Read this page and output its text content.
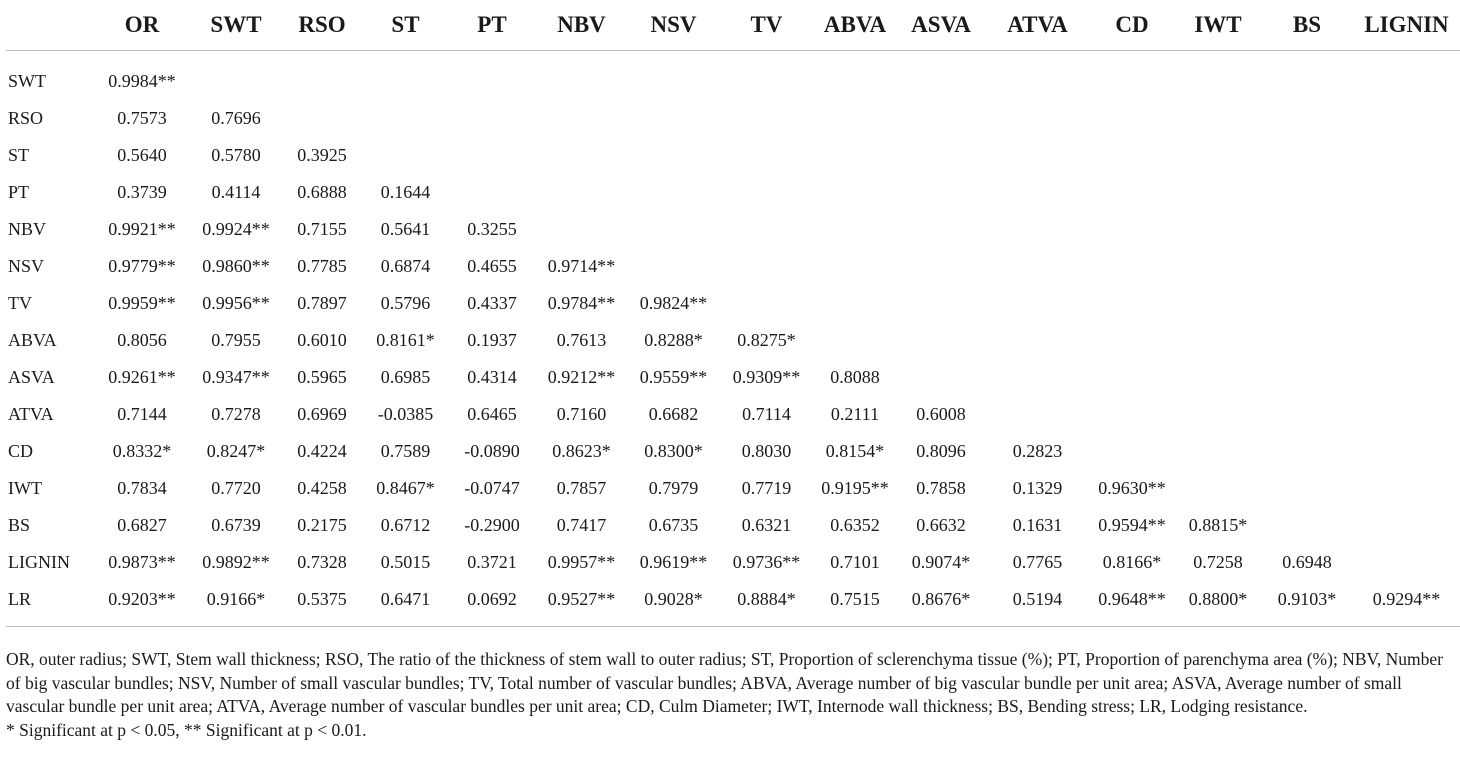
	OR	SWT	RSO	ST	PT	NBV	NSV	TV	ABVA	ASVA	ATVA	CD	IWT	BS	LIGNIN
SWT	0.9984**														
RSO	0.7573	0.7696													
ST	0.5640	0.5780	0.3925												
PT	0.3739	0.4114	0.6888	0.1644											
NBV	0.9921**	0.9924**	0.7155	0.5641	0.3255										
NSV	0.9779**	0.9860**	0.7785	0.6874	0.4655	0.9714**									
TV	0.9959**	0.9956**	0.7897	0.5796	0.4337	0.9784**	0.9824**								
ABVA	0.8056	0.7955	0.6010	0.8161*	0.1937	0.7613	0.8288*	0.8275*							
ASVA	0.9261**	0.9347**	0.5965	0.6985	0.4314	0.9212**	0.9559**	0.9309**	0.8088						
ATVA	0.7144	0.7278	0.6969	-0.0385	0.6465	0.7160	0.6682	0.7114	0.2111	0.6008					
CD	0.8332*	0.8247*	0.4224	0.7589	-0.0890	0.8623*	0.8300*	0.8030	0.8154*	0.8096	0.2823				
IWT	0.7834	0.7720	0.4258	0.8467*	-0.0747	0.7857	0.7979	0.7719	0.9195**	0.7858	0.1329	0.9630**			
BS	0.6827	0.6739	0.2175	0.6712	-0.2900	0.7417	0.6735	0.6321	0.6352	0.6632	0.1631	0.9594**	0.8815*		
LIGNIN	0.9873**	0.9892**	0.7328	0.5015	0.3721	0.9957**	0.9619**	0.9736**	0.7101	0.9074*	0.7765	0.8166*	0.7258	0.6948	
LR	0.9203**	0.9166*	0.5375	0.6471	0.0692	0.9527**	0.9028*	0.8884*	0.7515	0.8676*	0.5194	0.9648**	0.8800*	0.9103*	0.9294**

OR, outer radius; SWT, Stem wall thickness; RSO, The ratio of the thickness of stem wall to outer radius; ST, Proportion of sclerenchyma tissue (%); PT, Proportion of parenchyma area (%); NBV, Number of big vascular bundles; NSV, Number of small vascular bundles; TV, Total number of vascular bundles; ABVA, Average number of big vascular bundle per unit area; ASVA, Average number of small vascular bundle per unit area; ATVA, Average number of vascular bundles per unit area; CD, Culm Diameter; IWT, Internode wall thickness; BS, Bending stress; LR, Lodging resistance.

* Significant at p < 0.05, ** Significant at p < 0.01.
